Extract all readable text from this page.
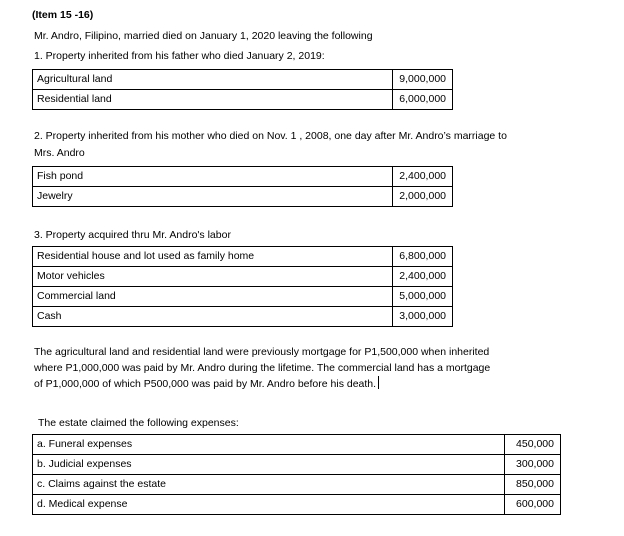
(Item 15 -16)
Mr. Andro, Filipino, married died on January 1, 2020 leaving the following
1. Property inherited from his father who died January 2, 2019:
Agricultural land	9,000,000
Residential land	6,000,000
2. Property inherited from his mother who died on Nov. 1 , 2008, one day after Mr. Andro’s marriage to
Mrs. Andro
Fish pond	2,400,000
Jewelry	2,000,000
3. Property acquired thru Mr. Andro's labor
Residential house and lot used as family home	6,800,000
Motor vehicles	2,400,000
Commercial land	5,000,000
Cash	3,000,000
The agricultural land and residential land were previously mortgage for P1,500,000 when inherited
where P1,000,000 was paid by Mr. Andro during the lifetime. The commercial land has a mortgage
of P1,000,000 of which P500,000 was paid by Mr. Andro before his death.
The estate claimed the following expenses:
a. Funeral expenses	450,000
b. Judicial expenses	300,000
c. Claims against the estate	850,000
d. Medical expense	600,000
